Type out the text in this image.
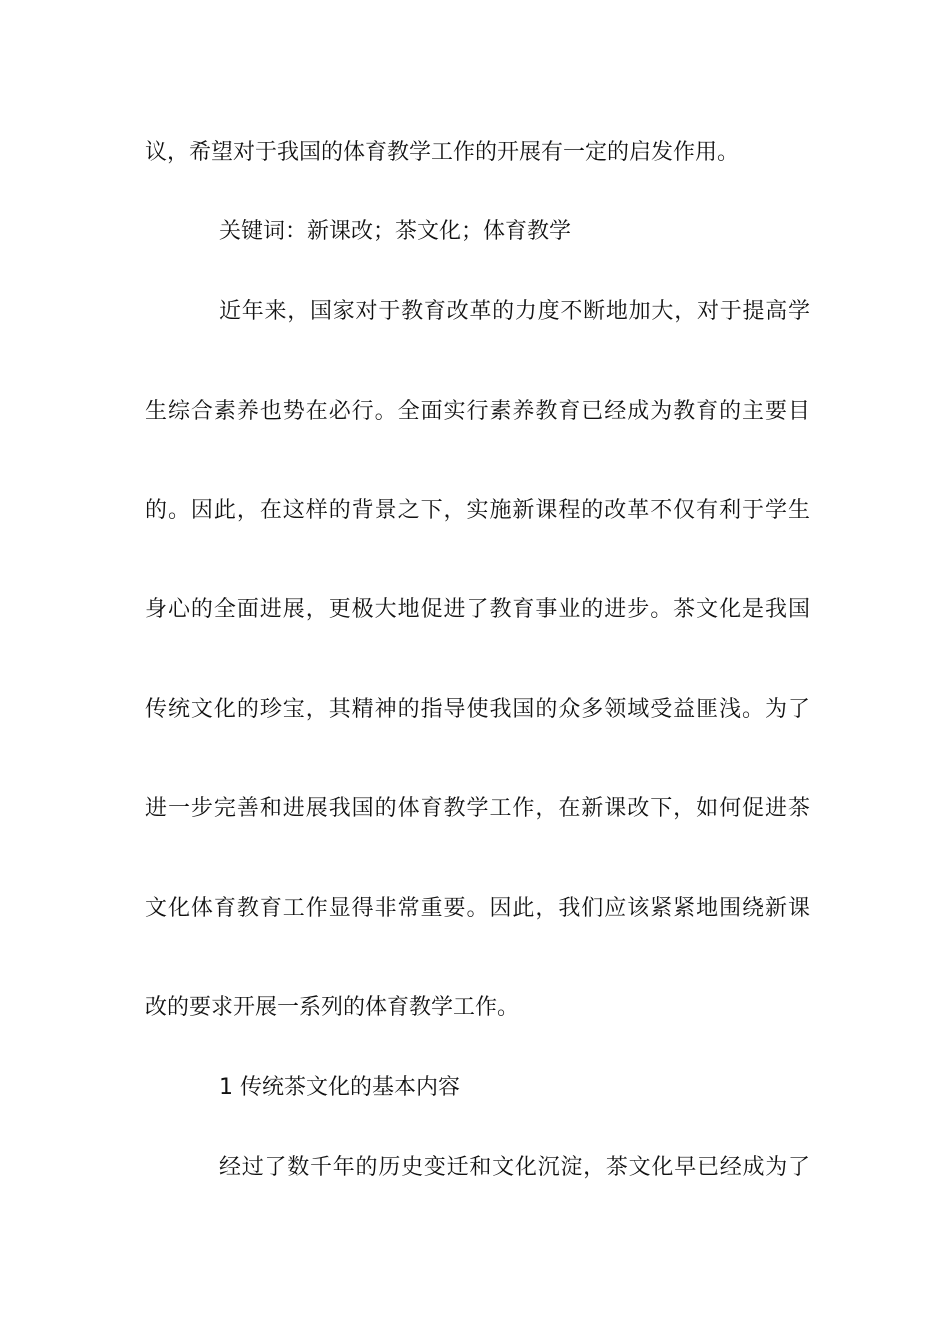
议，希望对于我国的体育教学工作的开展有一定的启发作用。
关键词：新课改；茶文化；体育教学
近年来，国家对于教育改革的力度不断地加大，对于提高学
生综合素养也势在必行。全面实行素养教育已经成为教育的主要目
的。因此，在这样的背景之下，实施新课程的改革不仅有利于学生
身心的全面进展，更极大地促进了教育事业的进步。茶文化是我国
传统文化的珍宝，其精神的指导使我国的众多领域受益匪浅。为了
进一步完善和进展我国的体育教学工作，在新课改下，如何促进茶
文化体育教育工作显得非常重要。因此，我们应该紧紧地围绕新课
改的要求开展一系列的体育教学工作。
1 传统茶文化的基本内容
经过了数千年的历史变迁和文化沉淀，茶文化早已经成为了
